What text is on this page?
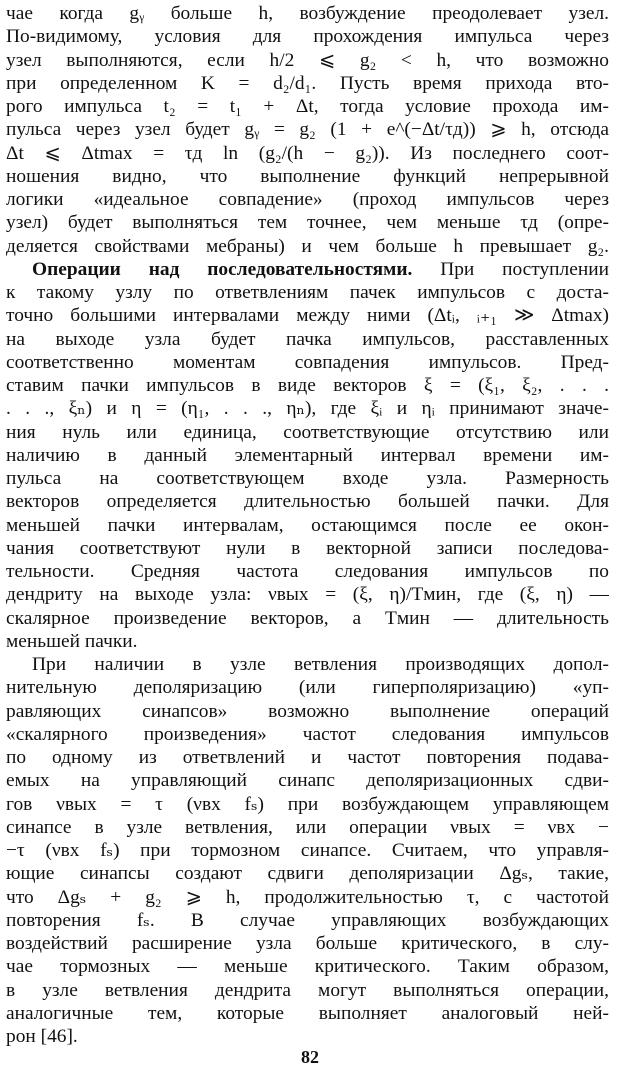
чае когда gᵧ больше h, возбуждение преодолевает узел.
По-видимому, условия для прохождения импульса через
узел выполняются, если h/2 ⩽ g₂ < h, что возможно
при определенном K = d₂/d₁. Пусть время прихода вто-
рого импульса t₂ = t₁ + Δt, тогда условие прохода им-
пульса через узел будет gᵧ = g₂ (1 + e^(−Δt/τд)) ⩾ h, отсюда
Δt ⩽ Δtmax = τд ln (g₂/(h − g₂)). Из последнего соот-
ношения видно, что выполнение функций непрерывной
логики «идеальное совпадение» (проход импульсов через
узел) будет выполняться тем точнее, чем меньше τд (опре-
деляется свойствами мебраны) и чем больше h превышает g₂.
Операции над последовательностями. При поступлении
к такому узлу по ответвлениям пачек импульсов с доста-
точно большими интервалами между ними (Δtᵢ, ᵢ₊₁ ≫ Δtmax)
на выходе узла будет пачка импульсов, расставленных
соответственно моментам совпадения импульсов. Пред-
ставим пачки импульсов в виде векторов ξ = (ξ₁, ξ₂, . . .
. . ., ξₙ) и η = (η₁, . . ., ηₙ), где ξᵢ и ηᵢ принимают значе-
ния нуль или единица, соответствующие отсутствию или
наличию в данный элементарный интервал времени им-
пульса на соответствующем входе узла. Размерность
векторов определяется длительностью большей пачки. Для
меньшей пачки интервалам, остающимся после ее окон-
чания соответствуют нули в векторной записи последова-
тельности. Средняя частота следования импульсов по
дендриту на выходе узла: νвых = (ξ, η)/Tмин, где (ξ, η) —
скалярное произведение векторов, а Tмин — длительность
меньшей пачки.
При наличии в узле ветвления производящих допол-
нительную деполяризацию (или гиперполяризацию) «уп-
равляющих синапсов» возможно выполнение операций
«скалярного произведения» частот следования импульсов
по одному из ответвлений и частот повторения подава-
емых на управляющий синапс деполяризационных сдви-
гов νвых = τ (νвх fₛ) при возбуждающем управляющем
синапсе в узле ветвления, или операции νвых = νвх −
−τ (νвх fₛ) при тормозном синапсе. Считаем, что управля-
ющие синапсы создают сдвиги деполяризации Δgₛ, такие,
что Δgₛ + g₂ ⩾ h, продолжительностью τ, с частотой
повторения fₛ. В случае управляющих возбуждающих
воздействий расширение узла больше критического, в слу-
чае тормозных — меньше критического. Таким образом,
в узле ветвления дендрита могут выполняться операции,
аналогичные тем, которые выполняет аналоговый ней-
рон [46].
82
